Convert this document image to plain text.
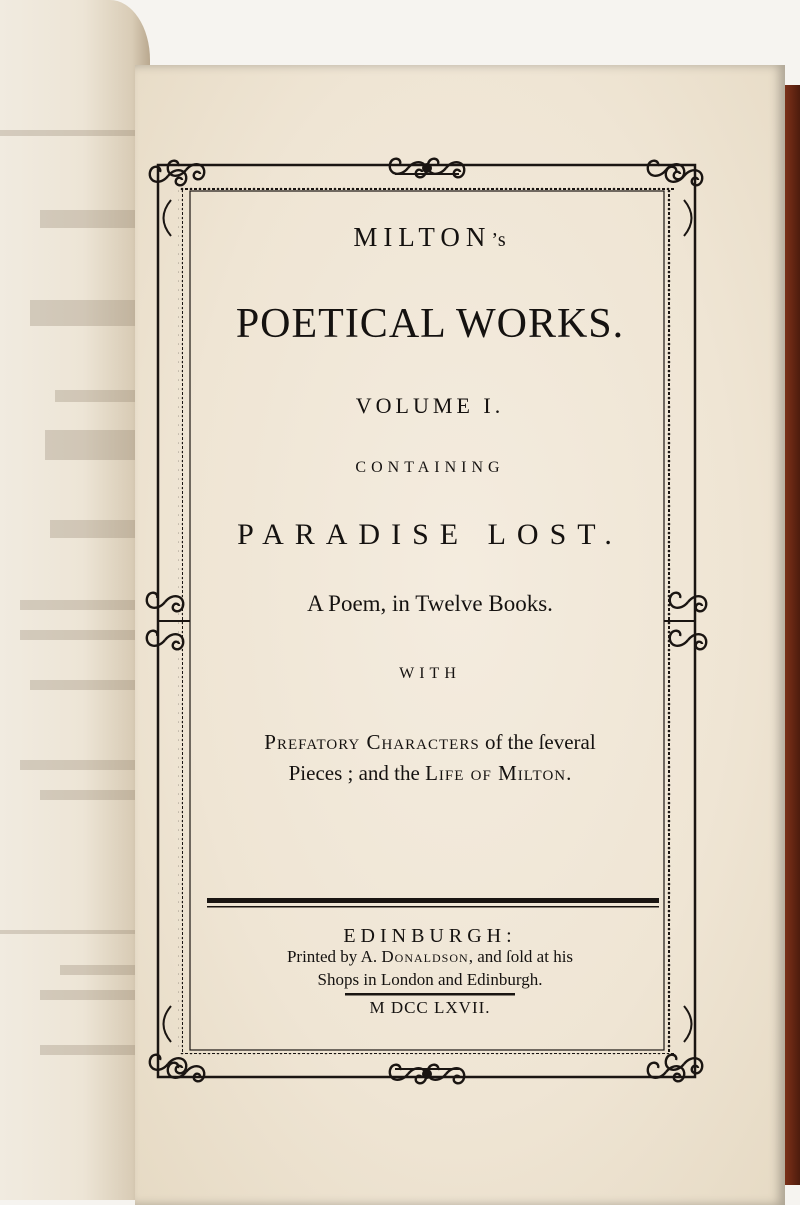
MILTON’s

POETICAL WORKS.

VOLUME I.

CONTAINING

PARADISE LOST.

A Poem, in Twelve Books.

WITH

Prefatory Characters of the ſeveral

Pieces ; and the Life of Milton.

EDINBURGH:

Printed by A. Donaldson, and ſold at his

Shops in London and Edinburgh.

M DCC LXVII.
